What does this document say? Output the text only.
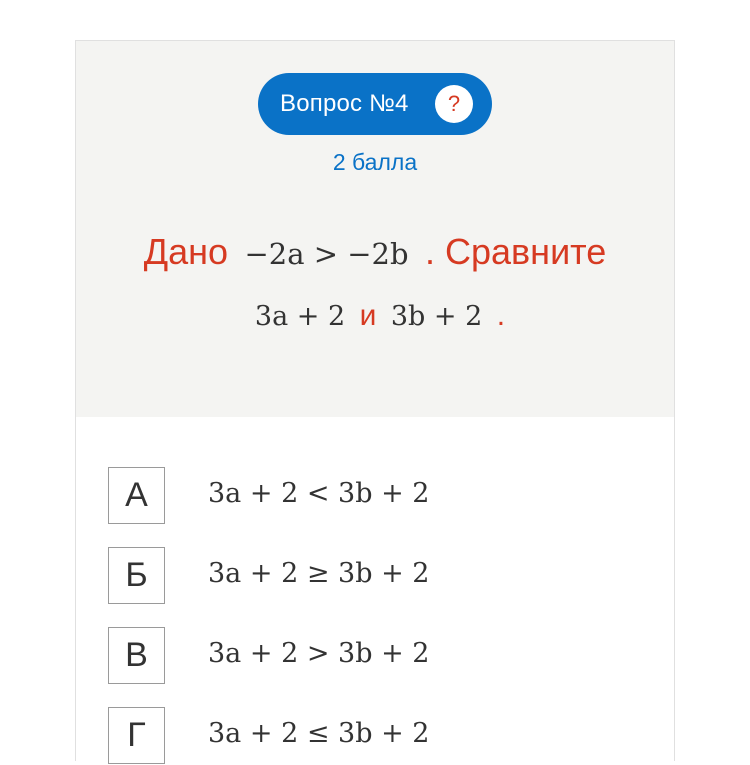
Вопрос №4	?
2 балла
Дано −2a > −2b . Сравните
3a + 2 и 3b + 2 .
А	3a + 2 < 3b + 2
Б	3a + 2 ≥ 3b + 2
В	3a + 2 > 3b + 2
Г	3a + 2 ≤ 3b + 2
